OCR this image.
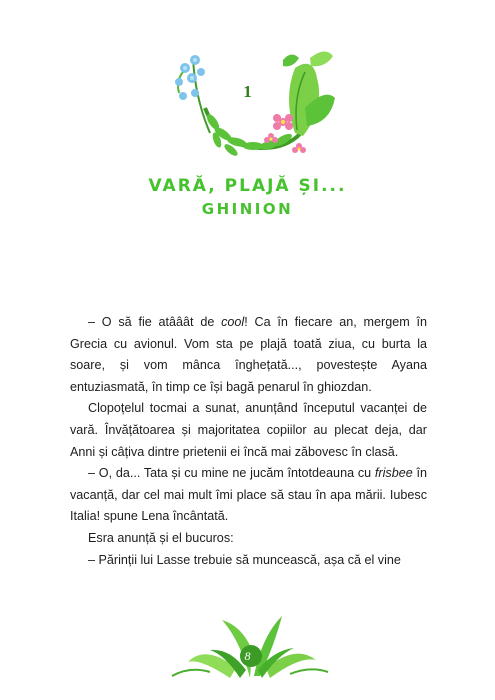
1
VARĂ, PLAJĂ ȘI...
GHINION

– O să fie atââât de cool! Ca în fiecare an, mergem în Grecia cu avionul. Vom sta pe plajă toată ziua, cu burta la soare, și vom mânca înghețată..., povestește Ayana entuziasmată, în timp ce își bagă penarul în ghiozdan.

Clopoțelul tocmai a sunat, anunțând începutul vacanței de vară. Învățătoarea și majoritatea copiilor au plecat deja, dar Anni și câțiva dintre prietenii ei încă mai zăbovesc în clasă.

– O, da... Tata și cu mine ne jucăm întotdeauna cu frisbee în vacanță, dar cel mai mult îmi place să stau în apa mării. Iubesc Italia! spune Lena încântată.

Esra anunță și el bucuros:

– Părinții lui Lasse trebuie să muncească, așa că el vine

8
